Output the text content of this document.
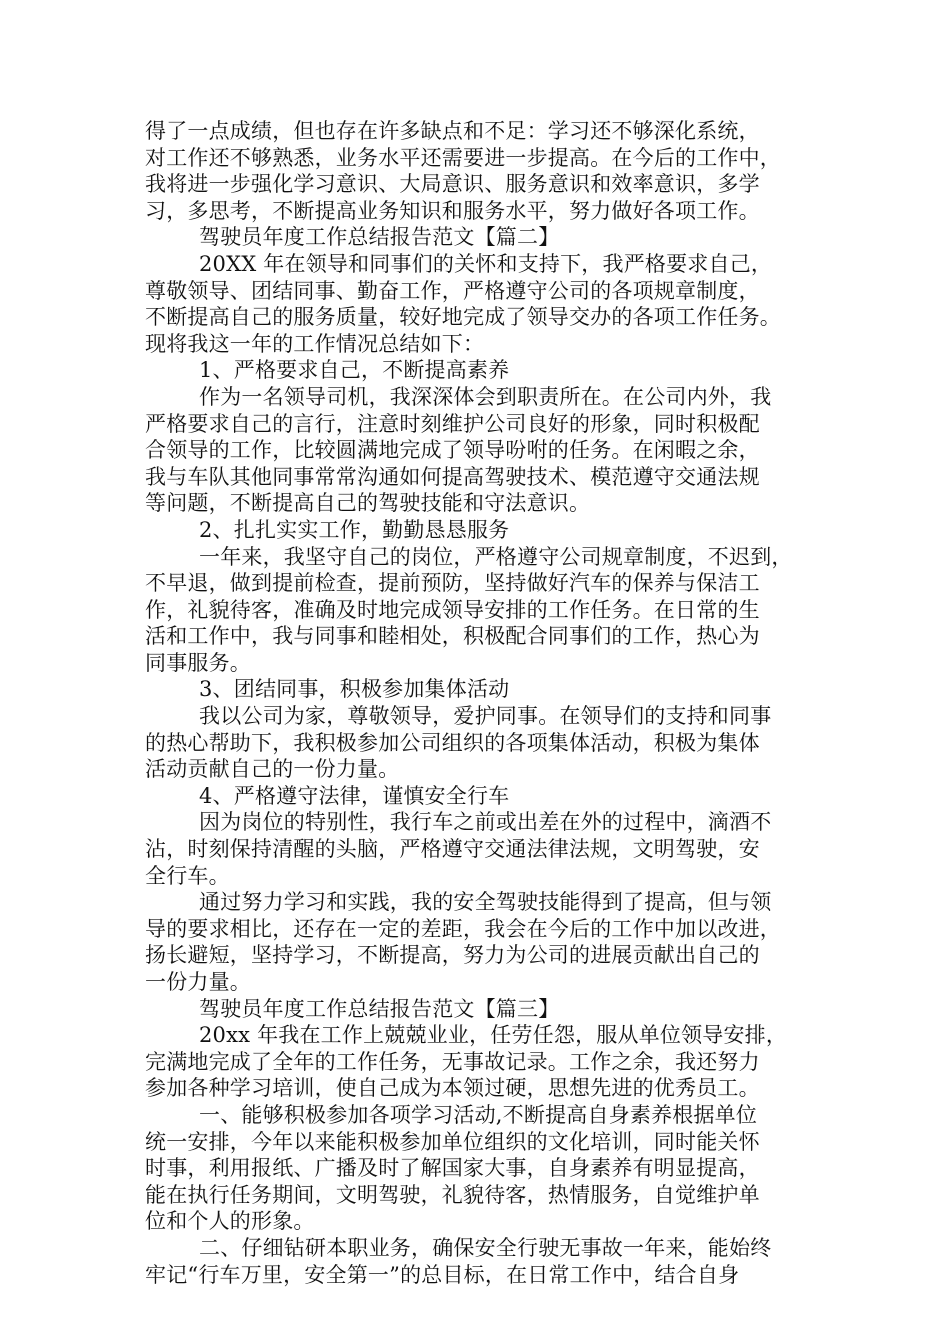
得了一点成绩，但也存在许多缺点和不足：学习还不够深化系统，
对工作还不够熟悉，业务水平还需要进一步提高。在今后的工作中，
我将进一步强化学习意识、大局意识、服务意识和效率意识，多学
习，多思考，不断提高业务知识和服务水平，努力做好各项工作。
驾驶员年度工作总结报告范文【篇二】
20XX 年在领导和同事们的关怀和支持下，我严格要求自己，
尊敬领导、团结同事、勤奋工作，严格遵守公司的各项规章制度，
不断提高自己的服务质量，较好地完成了领导交办的各项工作任务。
现将我这一年的工作情况总结如下：
1、严格要求自己，不断提高素养
作为一名领导司机，我深深体会到职责所在。在公司内外，我
严格要求自己的言行，注意时刻维护公司良好的形象，同时积极配
合领导的工作，比较圆满地完成了领导吩咐的任务。在闲暇之余，
我与车队其他同事常常沟通如何提高驾驶技术、模范遵守交通法规
等问题，不断提高自己的驾驶技能和守法意识。
2、扎扎实实工作，勤勤恳恳服务
一年来，我坚守自己的岗位，严格遵守公司规章制度，不迟到，
不早退，做到提前检查，提前预防，坚持做好汽车的保养与保洁工
作，礼貌待客，准确及时地完成领导安排的工作任务。在日常的生
活和工作中，我与同事和睦相处，积极配合同事们的工作，热心为
同事服务。
3、团结同事，积极参加集体活动
我以公司为家，尊敬领导，爱护同事。在领导们的支持和同事
的热心帮助下，我积极参加公司组织的各项集体活动，积极为集体
活动贡献自己的一份力量。
4、严格遵守法律，谨慎安全行车
因为岗位的特别性，我行车之前或出差在外的过程中，滴酒不
沾，时刻保持清醒的头脑，严格遵守交通法律法规，文明驾驶，安
全行车。
通过努力学习和实践，我的安全驾驶技能得到了提高，但与领
导的要求相比，还存在一定的差距，我会在今后的工作中加以改进，
扬长避短，坚持学习，不断提高，努力为公司的进展贡献出自己的
一份力量。
驾驶员年度工作总结报告范文【篇三】
20xx 年我在工作上兢兢业业，任劳任怨，服从单位领导安排，
完满地完成了全年的工作任务，无事故记录。工作之余，我还努力
参加各种学习培训，使自己成为本领过硬，思想先进的优秀员工。
一、能够积极参加各项学习活动,不断提高自身素养根据单位
统一安排，今年以来能积极参加单位组织的文化培训，同时能关怀
时事，利用报纸、广播及时了解国家大事，自身素养有明显提高，
能在执行任务期间，文明驾驶，礼貌待客，热情服务，自觉维护单
位和个人的形象。
二、仔细钻研本职业务，确保安全行驶无事故一年来，能始终
牢记“行车万里，安全第一”的总目标，在日常工作中，结合自身
